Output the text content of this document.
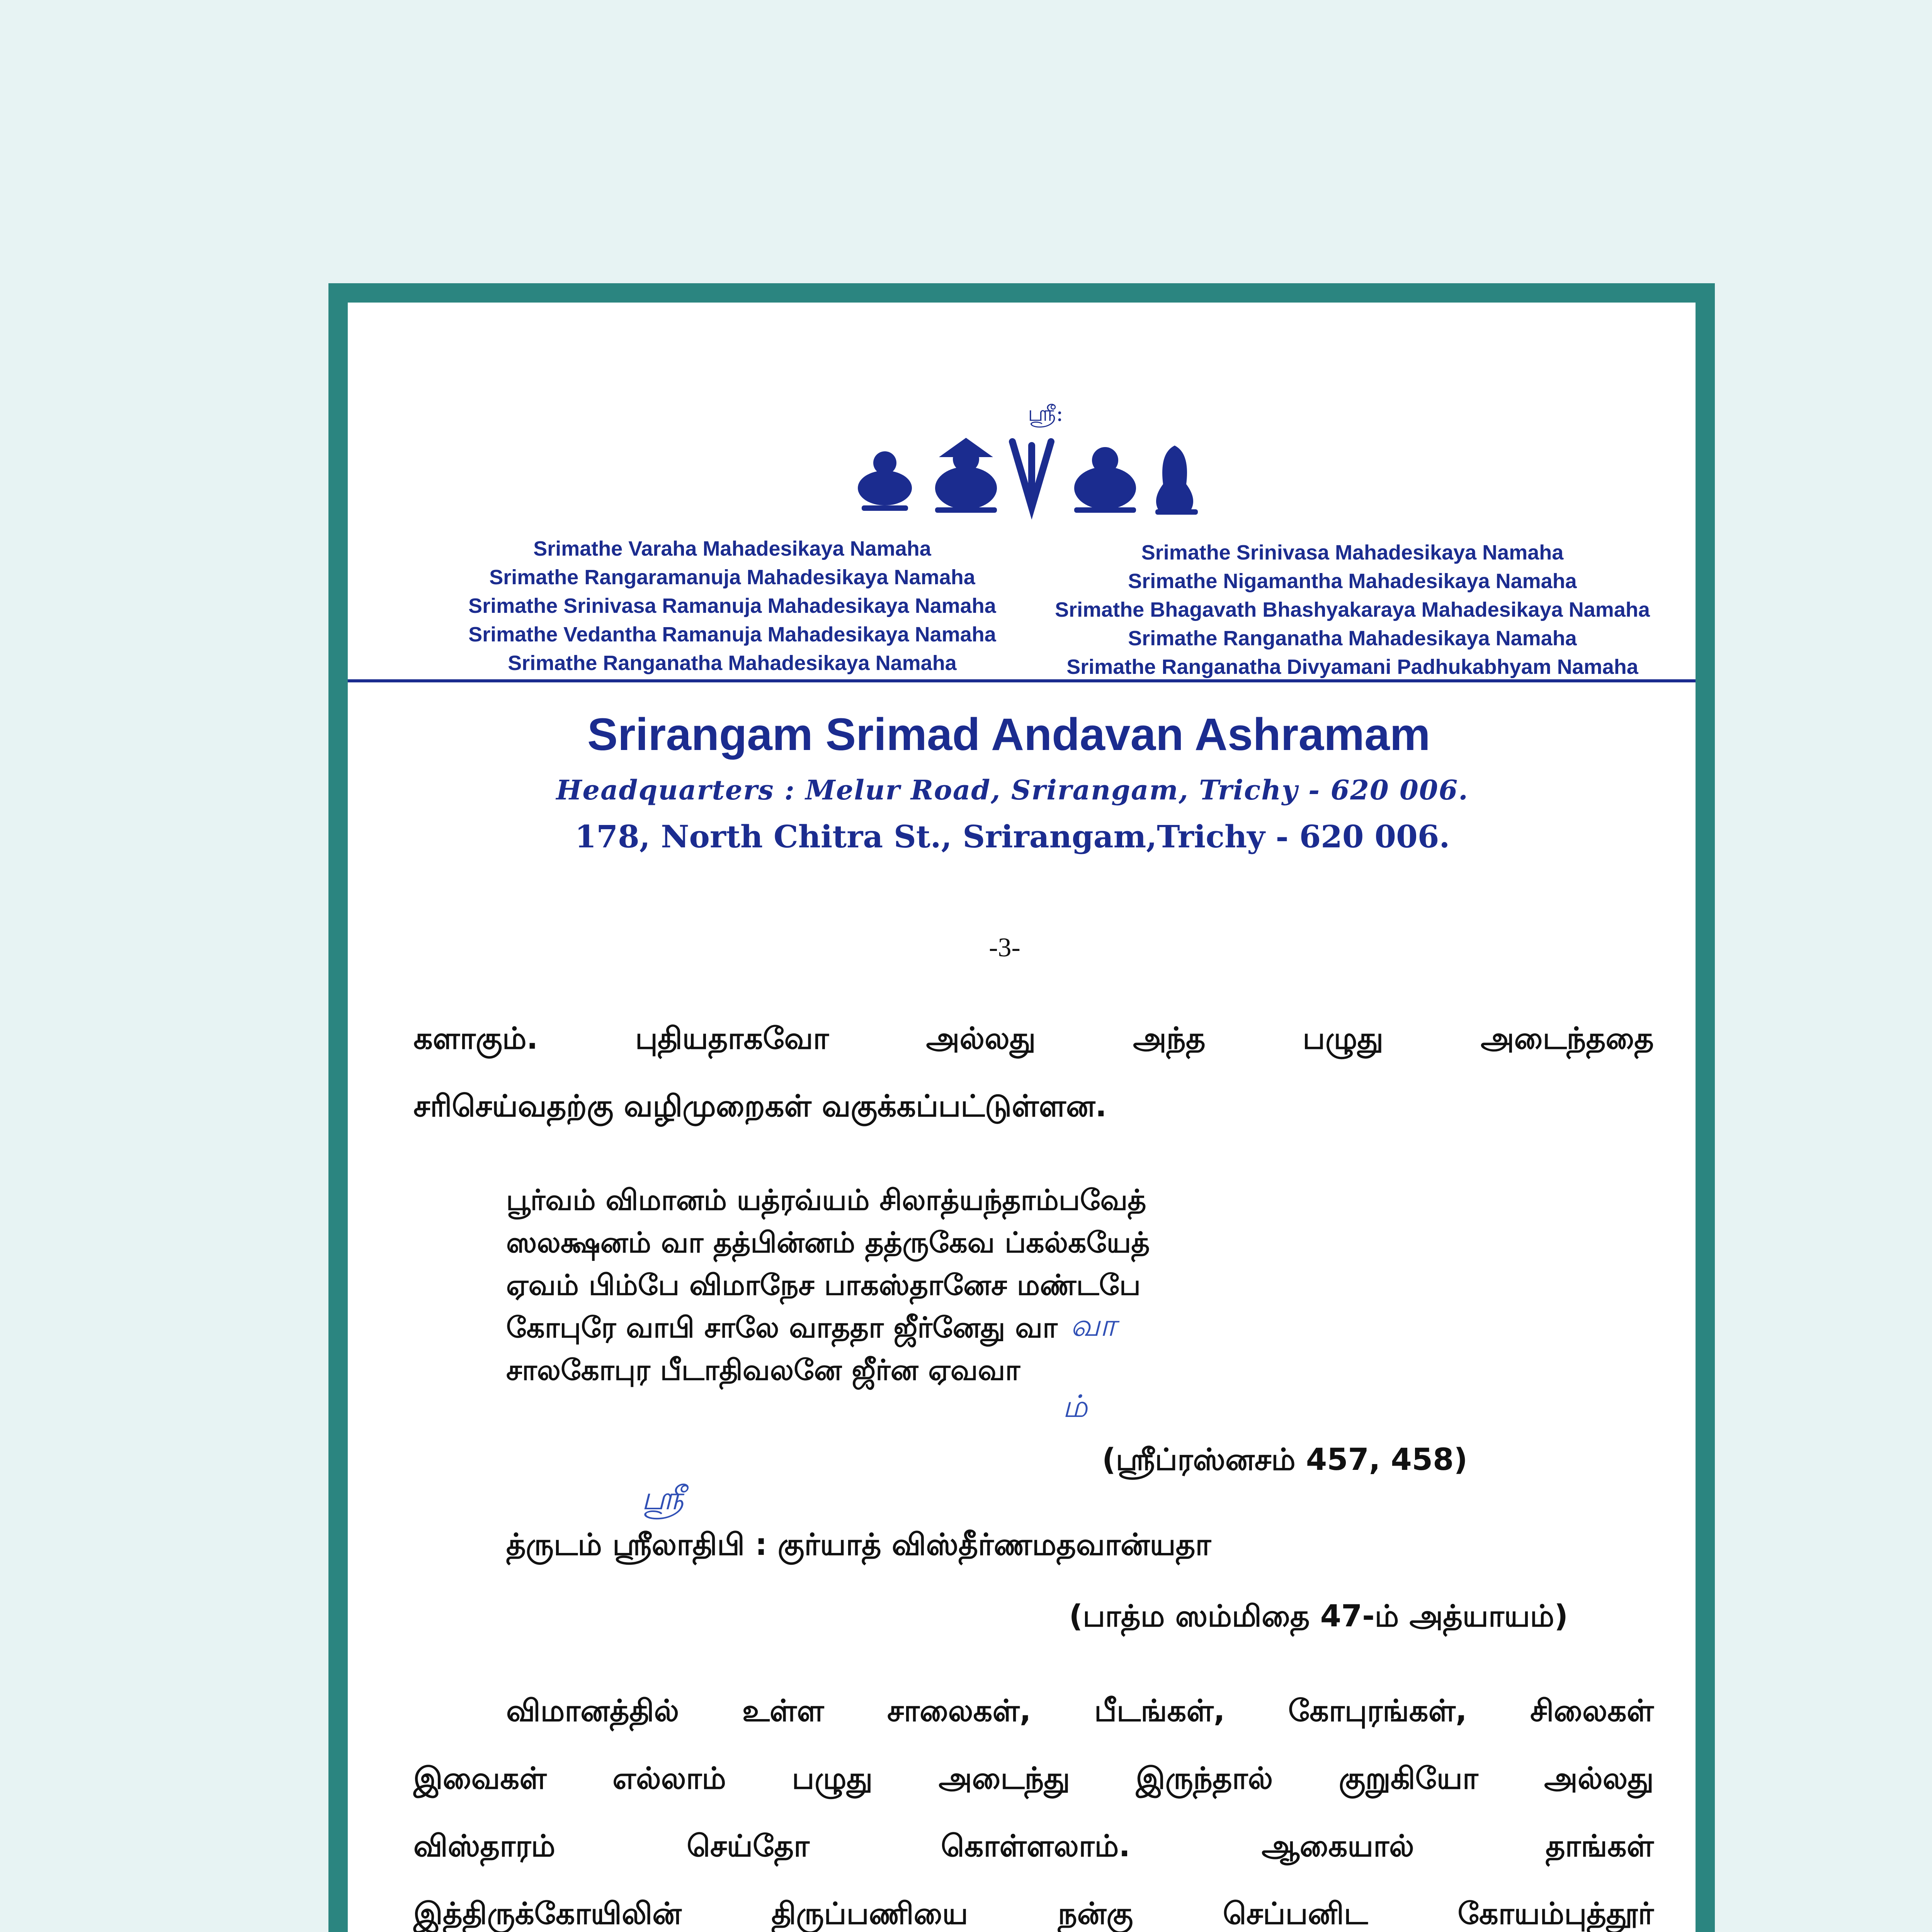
ஸ்ரீ:
Srimathe Varaha Mahadesikaya Namaha
Srimathe Rangaramanuja Mahadesikaya Namaha
Srimathe Srinivasa Ramanuja Mahadesikaya Namaha
Srimathe Vedantha Ramanuja Mahadesikaya Namaha
Srimathe Ranganatha Mahadesikaya Namaha
Srimathe Srinivasa Mahadesikaya Namaha
Srimathe Nigamantha Mahadesikaya Namaha
Srimathe Bhagavath Bhashyakaraya Mahadesikaya Namaha
Srimathe Ranganatha Mahadesikaya Namaha
Srimathe Ranganatha Divyamani Padhukabhyam Namaha
Srirangam Srimad Andavan Ashramam
Headquarters : Melur Road, Srirangam, Trichy - 620 006.
178, North Chitra St., Srirangam,Trichy - 620 006.
-3-
களாகும்.	புதியதாகவோ	அல்லது	அந்த	பழுது	அடைந்ததை
சரிசெய்வதற்கு வழிமுறைகள் வகுக்கப்பட்டுள்ளன.
பூர்வம் விமானம் யத்ரவ்யம் சிலாத்யந்தாம்பவேத்
ஸலக்ஷனம் வா தத்பின்னம் தத்ருகேவ ப்கல்கயேத்
ஏவம் பிம்பே விமாநேச பாகஸ்தானேச மண்டபே
கோபுரே வாபி சாலே வாததா ஜீர்னேது வா
சாலகோபுர பீடாதிவலனே ஜீர்ன ஏவவா
வா
ம்
(ஸ்ரீப்ரஸ்னசம் 457, 458)
ஸ்ரீ
த்ருடம் ஸ்ரீலாதிபி : குர்யாத் விஸ்தீர்ணமதவான்யதா
(பாத்ம ஸம்மிதை 47-ம் அத்யாயம்)
விமானத்தில் உள்ள சாலைகள், பீடங்கள், கோபுரங்கள், சிலைகள்
இவைகள் எல்லாம் பழுது அடைந்து இருந்தால் குறுகியோ அல்லது
விஸ்தாரம்	செய்தோ	கொள்ளலாம்.	ஆகையால்	தாங்கள்
இத்திருக்கோயிலின்	திருப்பணியை	நன்கு	செப்பனிட	கோயம்புத்தூர்
